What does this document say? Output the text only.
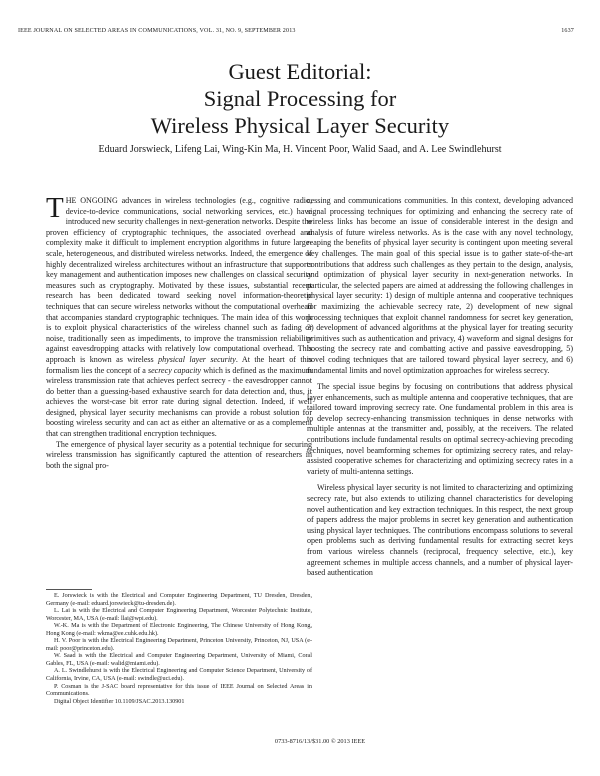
IEEE JOURNAL ON SELECTED AREAS IN COMMUNICATIONS, VOL. 31, NO. 9, SEPTEMBER 2013	1637
Guest Editorial:
Signal Processing for
Wireless Physical Layer Security
Eduard Jorswieck, Lifeng Lai, Wing-Kin Ma, H. Vincent Poor, Walid Saad, and A. Lee Swindlehurst

THE ONGOING advances in wireless technologies (e.g., cognitive radio, device-to-device communications, social networking services, etc.) have introduced new security challenges in next-generation networks. Despite the proven efficiency of cryptographic techniques, the associated overhead and complexity make it difficult to implement encryption algorithms in future large-scale, heterogeneous, and distributed wireless networks. Indeed, the emergence of highly decentralized wireless architectures without an infrastructure that supports key management and authentication imposes new challenges on classical security measures such as cryptography. Motivated by these issues, substantial recent research has been dedicated toward seeking novel information-theoretic techniques that can secure wireless networks without the computational overhead that accompanies standard cryptographic techniques. The main idea of this work is to exploit physical characteristics of the wireless channel such as fading or noise, traditionally seen as impediments, to improve the transmission reliability against eavesdropping attacks with relatively low computational overhead. This approach is known as wireless physical layer security. At the heart of this formalism lies the concept of a secrecy capacity which is defined as the maximum wireless transmission rate that achieves perfect secrecy - the eavesdropper cannot do better than a guessing-based exhaustive search for data detection and, thus, it achieves the worst-case bit error rate during signal detection. Indeed, if well designed, physical layer security mechanisms can provide a robust solution for boosting wireless security and can act as either an alternative or as a complement that can strengthen traditional encryption techniques.

The emergence of physical layer security as a potential technique for securing wireless transmission has significantly captured the attention of researchers in both the signal pro-

E. Jorswieck is with the Electrical and Computer Engineering Department, TU Dresden, Dresden, Germany (e-mail: eduard.jorswieck@tu-dresden.de).

L. Lai is with the Electrical and Computer Engineering Department, Worcester Polytechnic Institute, Worcester, MA, USA (e-mail: llai@wpi.edu).

W.-K. Ma is with the Department of Electronic Engineering, The Chinese University of Hong Kong, Hong Kong (e-mail: wkma@ee.cuhk.edu.hk).

H. V. Poor is with the Electrical Engineering Department, Princeton University, Princeton, NJ, USA (e-mail: poor@princeton.edu).

W. Saad is with the Electrical and Computer Engineering Department, University of Miami, Coral Gables, FL, USA (e-mail: walid@miami.edu).

A. L. Swindlehurst is with the Electrical Engineering and Computer Science Department, University of California, Irvine, CA, USA (e-mail: swindle@uci.edu).

P. Cosman is the J-SAC board representative for this issue of IEEE Journal on Selected Areas in Communications.

Digital Object Identifier 10.1109/JSAC.2013.130901

cessing and communications communities. In this context, developing advanced signal processing techniques for optimizing and enhancing the secrecy rate of wireless links has become an issue of considerable interest in the design and analysis of future wireless networks. As is the case with any novel technology, reaping the benefits of physical layer security is contingent upon meeting several key challenges. The main goal of this special issue is to gather state-of-the-art contributions that address such challenges as they pertain to the design, analysis, and optimization of physical layer security in next-generation networks. In particular, the selected papers are aimed at addressing the following challenges in physical layer security: 1) design of multiple antenna and cooperative techniques for maximizing the achievable secrecy rate, 2) development of new signal processing techniques that exploit channel randomness for secret key generation, 3) development of advanced algorithms at the physical layer for treating security primitives such as authentication and privacy, 4) waveform and signal designs for boosting the secrecy rate and combatting active and passive eavesdropping, 5) novel coding techniques that are tailored toward physical layer secrecy, and 6) fundamental limits and novel optimization approaches for wireless secrecy.

The special issue begins by focusing on contributions that address physical layer enhancements, such as multiple antenna and cooperative techniques, that are tailored toward improving secrecy rate. One fundamental problem in this area is to develop secrecy-enhancing transmission techniques in dense networks with multiple antennas at the transmitter and, possibly, at the receivers. The related contributions include fundamental results on optimal secrecy-achieving precoding techniques, novel beamforming schemes for optimizing secrecy rates, and relay-assisted cooperative schemes for characterizing and optimizing secrecy rates in a variety of multi-antenna settings.

Wireless physical layer security is not limited to characterizing and optimizing secrecy rate, but also extends to utilizing channel characteristics for developing novel authentication and key extraction techniques. In this respect, the next group of papers address the major problems in secret key generation and authentication using physical layer techniques. The contributions encompass solutions to several open problems such as deriving fundamental results for extracting secret keys from various wireless channels (reciprocal, frequency selective, etc.), key agreement schemes in multiple access channels, and a number of physical layer-based authentication

0733-8716/13/$31.00 © 2013 IEEE
